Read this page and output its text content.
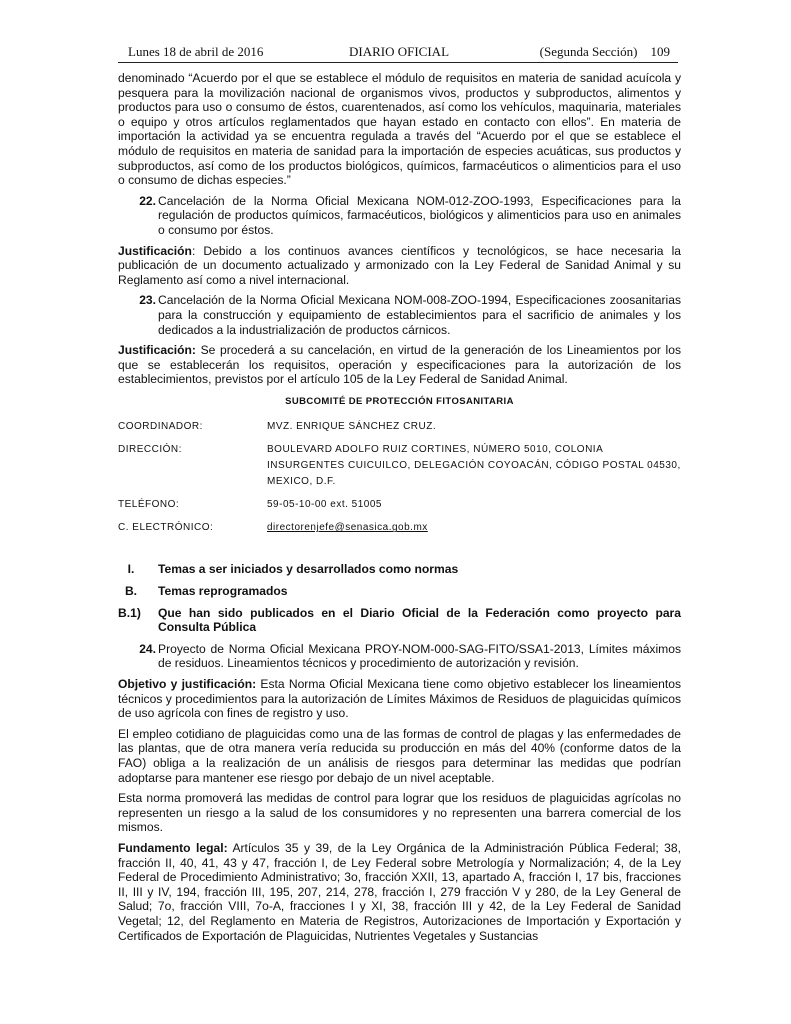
Lunes 18 de abril de 2016	DIARIO OFICIAL	(Segunda Sección) 109

denominado “Acuerdo por el que se establece el módulo de requisitos en materia de sanidad acuícola y pesquera para la movilización nacional de organismos vivos, productos y subproductos, alimentos y productos para uso o consumo de éstos, cuarentenados, así como los vehículos, maquinaria, materiales o equipo y otros artículos reglamentados que hayan estado en contacto con ellos”. En materia de importación la actividad ya se encuentra regulada a través del “Acuerdo por el que se establece el módulo de requisitos en materia de sanidad para la importación de especies acuáticas, sus productos y subproductos, así como de los productos biológicos, químicos, farmacéuticos o alimenticios para el uso o consumo de dichas especies.”

22. Cancelación de la Norma Oficial Mexicana NOM-012-ZOO-1993, Especificaciones para la regulación de productos químicos, farmacéuticos, biológicos y alimenticios para uso en animales o consumo por éstos.

Justificación: Debido a los continuos avances científicos y tecnológicos, se hace necesaria la publicación de un documento actualizado y armonizado con la Ley Federal de Sanidad Animal y su Reglamento así como a nivel internacional.

23. Cancelación de la Norma Oficial Mexicana NOM-008-ZOO-1994, Especificaciones zoosanitarias para la construcción y equipamiento de establecimientos para el sacrificio de animales y los dedicados a la industrialización de productos cárnicos.

Justificación: Se procederá a su cancelación, en virtud de la generación de los Lineamientos por los que se establecerán los requisitos, operación y especificaciones para la autorización de los establecimientos, previstos por el artículo 105 de la Ley Federal de Sanidad Animal.

SUBCOMITÉ DE PROTECCIÓN FITOSANITARIA
COORDINADOR:	MVZ. ENRIQUE SÁNCHEZ CRUZ.
DIRECCIÓN:	BOULEVARD ADOLFO RUIZ CORTINES, NÚMERO 5010, COLONIA INSURGENTES CUICUILCO, DELEGACIÓN COYOACÁN, CÓDIGO POSTAL 04530, MEXICO, D.F.
TELÉFONO:	59-05-10-00 ext. 51005
C. ELECTRÓNICO:	directorenjefe@senasica.gob.mx
I.	Temas a ser iniciados y desarrollados como normas
B.	Temas reprogramados
B.1)	Que han sido publicados en el Diario Oficial de la Federación como proyecto para Consulta Pública
24. Proyecto de Norma Oficial Mexicana PROY-NOM-000-SAG-FITO/SSA1-2013, Límites máximos de residuos. Lineamientos técnicos y procedimiento de autorización y revisión.

Objetivo y justificación: Esta Norma Oficial Mexicana tiene como objetivo establecer los lineamientos técnicos y procedimientos para la autorización de Límites Máximos de Residuos de plaguicidas químicos de uso agrícola con fines de registro y uso.

El empleo cotidiano de plaguicidas como una de las formas de control de plagas y las enfermedades de las plantas, que de otra manera vería reducida su producción en más del 40% (conforme datos de la FAO) obliga a la realización de un análisis de riesgos para determinar las medidas que podrían adoptarse para mantener ese riesgo por debajo de un nivel aceptable.

Esta norma promoverá las medidas de control para lograr que los residuos de plaguicidas agrícolas no representen un riesgo a la salud de los consumidores y no representen una barrera comercial de los mismos.

Fundamento legal: Artículos 35 y 39, de la Ley Orgánica de la Administración Pública Federal; 38, fracción II, 40, 41, 43 y 47, fracción I, de Ley Federal sobre Metrología y Normalización; 4, de la Ley Federal de Procedimiento Administrativo; 3o, fracción XXII, 13, apartado A, fracción I, 17 bis, fracciones II, III y IV, 194, fracción III, 195, 207, 214, 278, fracción I, 279 fracción V y 280, de la Ley General de Salud; 7o, fracción VIII, 7o-A, fracciones I y XI, 38, fracción III y 42, de la Ley Federal de Sanidad Vegetal; 12, del Reglamento en Materia de Registros, Autorizaciones de Importación y Exportación y Certificados de Exportación de Plaguicidas, Nutrientes Vegetales y Sustancias
